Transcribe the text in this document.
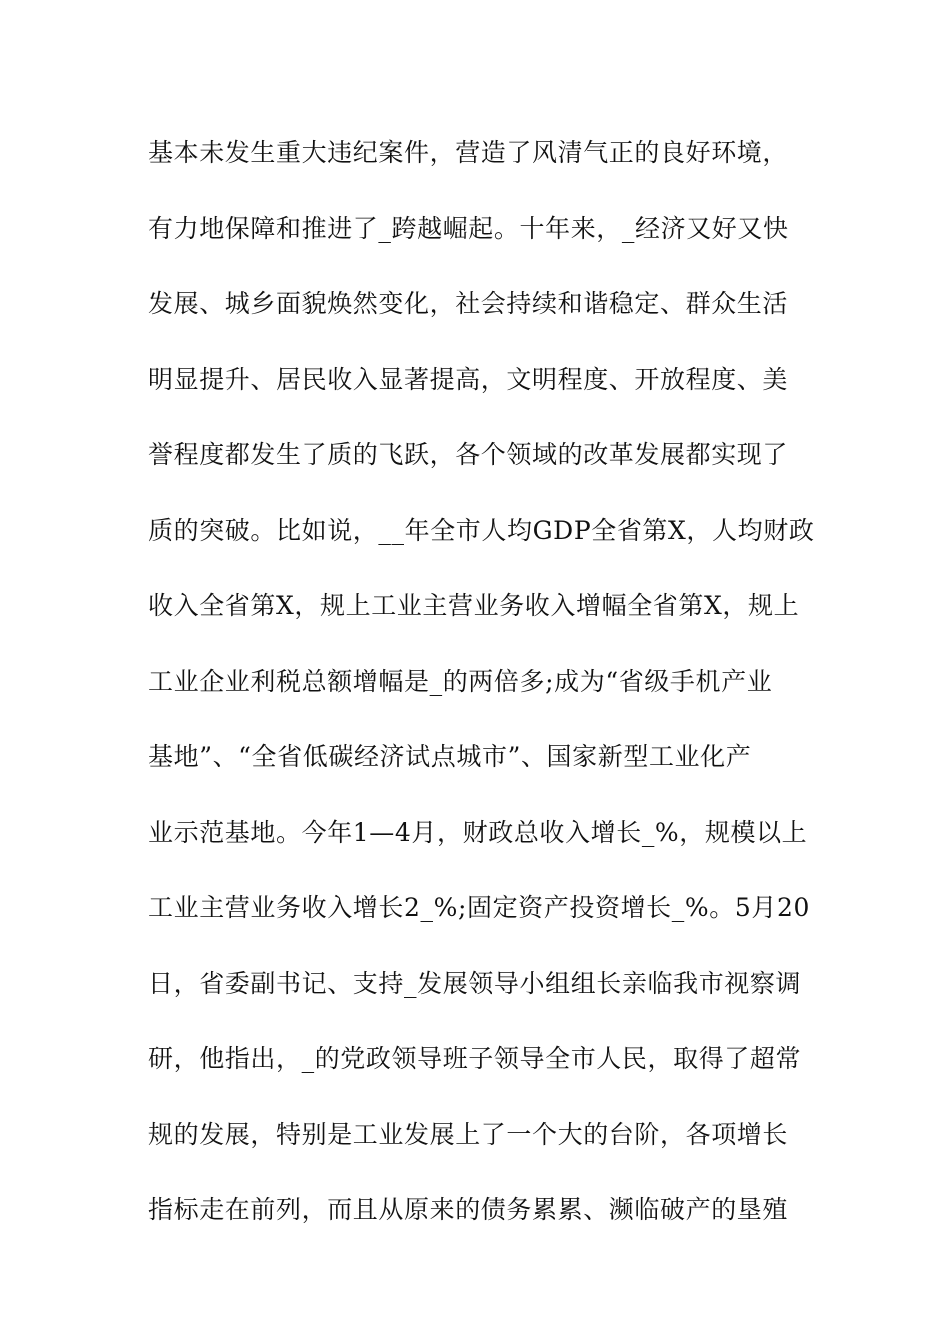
基本未发生重大违纪案件，营造了风清气正的良好环境，
有力地保障和推进了_跨越崛起。十年来，_经济又好又快
发展、城乡面貌焕然变化，社会持续和谐稳定、群众生活
明显提升、居民收入显著提高，文明程度、开放程度、美
誉程度都发生了质的飞跃，各个领域的改革发展都实现了
质的突破。比如说，__年全市人均GDP全省第X，人均财政
收入全省第X，规上工业主营业务收入增幅全省第X，规上
工业企业利税总额增幅是_的两倍多;成为“省级手机产业
基地”、“全省低碳经济试点城市”、国家新型工业化产
业示范基地。今年1—4月，财政总收入增长_%，规模以上
工业主营业务收入增长2_%;固定资产投资增长_%。5月20
日，省委副书记、支持_发展领导小组组长亲临我市视察调
研，他指出，_的党政领导班子领导全市人民，取得了超常
规的发展，特别是工业发展上了一个大的台阶，各项增长
指标走在前列，而且从原来的债务累累、濒临破产的垦殖
